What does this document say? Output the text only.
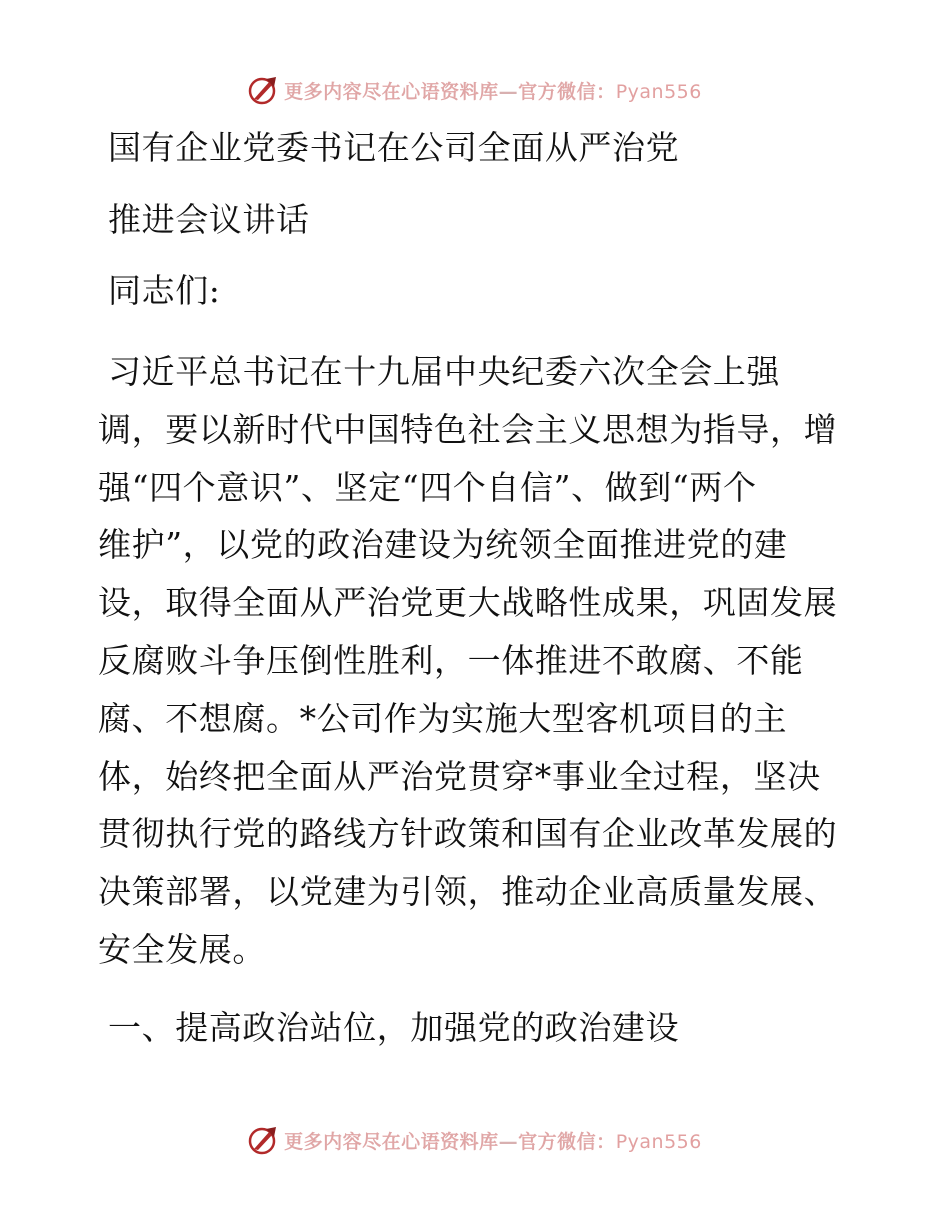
更多内容尽在心语资料库—官方微信：Pyan556
国有企业党委书记在公司全面从严治党
推进会议讲话
同志们:
习近平总书记在十九届中央纪委六次全会上强
调，要以新时代中国特色社会主义思想为指导，增
强“四个意识”、坚定“四个自信”、做到“两个
维护”，以党的政治建设为统领全面推进党的建
设，取得全面从严治党更大战略性成果，巩固发展
反腐败斗争压倒性胜利，一体推进不敢腐、不能
腐、不想腐。*公司作为实施大型客机项目的主
体，始终把全面从严治党贯穿*事业全过程，坚决
贯彻执行党的路线方针政策和国有企业改革发展的
决策部署，以党建为引领，推动企业高质量发展、
安全发展。
一、提高政治站位，加强党的政治建设
更多内容尽在心语资料库—官方微信：Pyan556
